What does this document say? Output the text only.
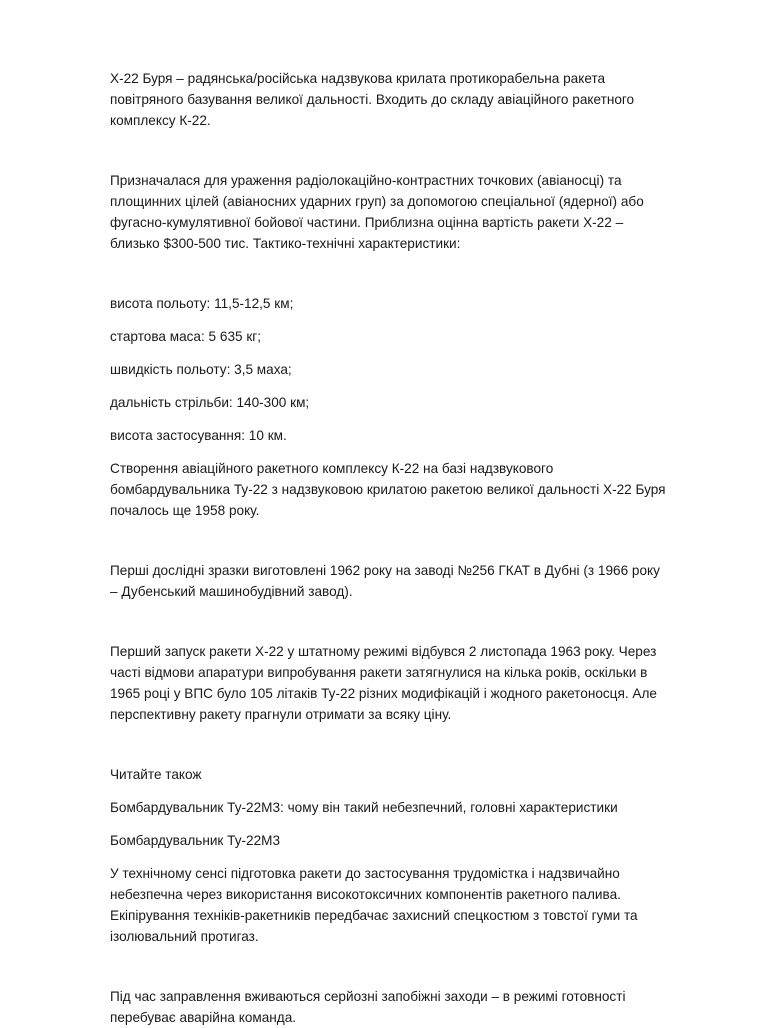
Х-22 Буря – радянська/російська надзвукова крилата протикорабельна ракета повітряного базування великої дальності. Входить до складу авіаційного ракетного комплексу К-22.

Призначалася для ураження радіолокаційно-контрастних точкових (авіаносці) та площинних цілей (авіаносних ударних груп) за допомогою спеціальної (ядерної) або фугасно-кумулятивної бойової частини. Приблизна оцінна вартість ракети Х-22 – близько $300-500 тис. Тактико-технічні характеристики:

висота польоту: 11,5-12,5 км;

стартова маса: 5 635 кг;

швидкість польоту: 3,5 маха;

дальність стрільби: 140-300 км;

висота застосування: 10 км.

Створення авіаційного ракетного комплексу К-22 на базі надзвукового бомбардувальника Ту-22 з надзвуковою крилатою ракетою великої дальності Х-22 Буря почалось ще 1958 року.

Перші дослідні зразки виготовлені 1962 року на заводі №256 ГКАТ в Дубні (з 1966 року – Дубенський машинобудівний завод).

Перший запуск ракети Х-22 у штатному режимі відбувся 2 листопада 1963 року. Через часті відмови апаратури випробування ракети затягнулися на кілька років, оскільки в 1965 році у ВПС було 105 літаків Ту-22 різних модифікацій і жодного ракетоносця. Але перспективну ракету прагнули отримати за всяку ціну.

Читайте також

Бомбардувальник Ту-22М3: чому він такий небезпечний, головні характеристики

Бомбардувальник Ту-22М3

У технічному сенсі підготовка ракети до застосування трудомістка і надзвичайно небезпечна через використання високотоксичних компонентів ракетного палива. Екіпірування техніків-ракетників передбачає захисний спецкостюм з товстої гуми та ізолювальний протигаз.

Під час заправлення вживаються серйозні запобіжні заходи – в режимі готовності перебуває аварійна команда.
